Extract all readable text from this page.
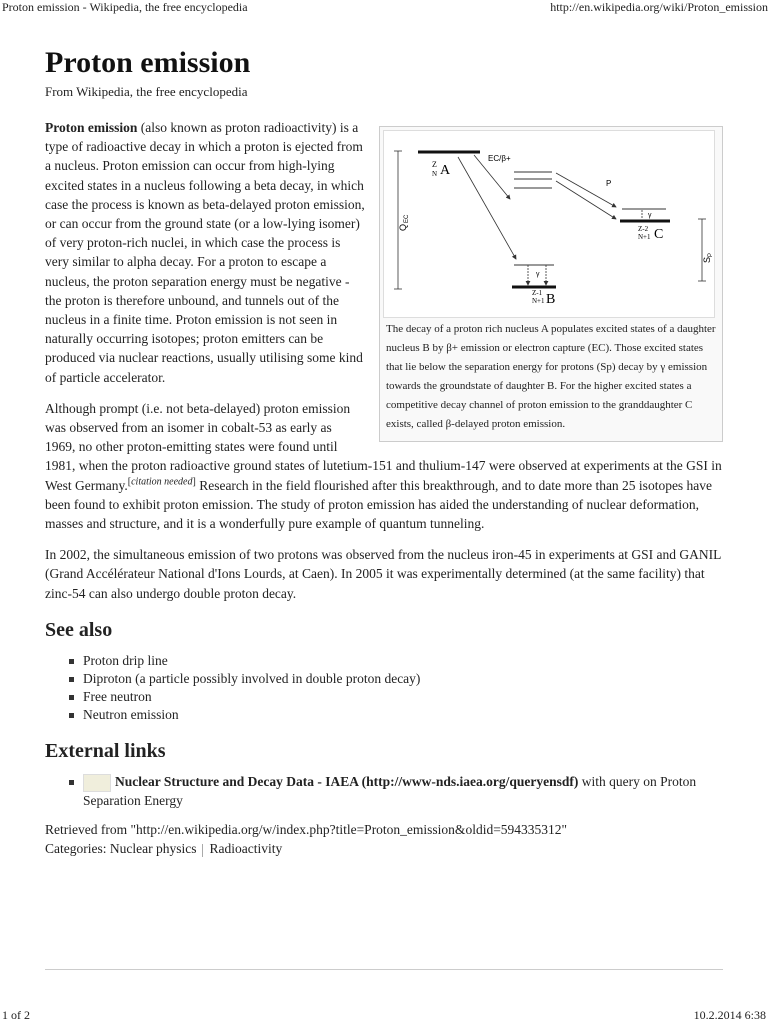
Proton emission - Wikipedia, the free encyclopedia	http://en.wikipedia.org/wiki/Proton_emission
Proton emission
From Wikipedia, the free encyclopedia
Z
N A
EC/β+
Z-1
N+1 B
γ
γ
Z-2
N+1 C
P
Q
EC
S
P
The decay of a proton rich nucleus A populates excited states of a daughter nucleus B by β+ emission or electron capture (EC). Those excited states that lie below the separation energy for protons (Sp) decay by γ emission towards the groundstate of daughter B. For the higher excited states a competitive decay channel of proton emission to the granddaughter C exists, called β-delayed proton emission.

Proton emission (also known as proton radioactivity) is a type of radioactive decay in which a proton is ejected from a nucleus. Proton emission can occur from high-lying excited states in a nucleus following a beta decay, in which case the process is known as beta-delayed proton emission, or can occur from the ground state (or a low-lying isomer) of very proton-rich nuclei, in which case the process is very similar to alpha decay. For a proton to escape a nucleus, the proton separation energy must be negative - the proton is therefore unbound, and tunnels out of the nucleus in a finite time. Proton emission is not seen in naturally occurring isotopes; proton emitters can be produced via nuclear reactions, usually utilising some kind of particle accelerator.

Although prompt (i.e. not beta-delayed) proton emission was observed from an isomer in cobalt-53 as early as 1969, no other proton-emitting states were found until 1981, when the proton radioactive ground states of lutetium-151 and thulium-147 were observed at experiments at the GSI in West Germany.[citation needed] Research in the field flourished after this breakthrough, and to date more than 25 isotopes have been found to exhibit proton emission. The study of proton emission has aided the understanding of nuclear deformation, masses and structure, and it is a wonderfully pure example of quantum tunneling.

In 2002, the simultaneous emission of two protons was observed from the nucleus iron-45 in experiments at GSI and GANIL (Grand Accélérateur National d'Ions Lourds, at Caen). In 2005 it was experimentally determined (at the same facility) that zinc-54 can also undergo double proton decay.

See also
Proton drip line
Diproton (a particle possibly involved in double proton decay)
Free neutron
Neutron emission
External links
Nuclear Structure and Decay Data - IAEA (http://www-nds.iaea.org/queryensdf) with query on Proton Separation Energy
Retrieved from "http://en.wikipedia.org/w/index.php?title=Proton_emission&oldid=594335312"
Categories: Nuclear physics Radioactivity
1 of 2	10.2.2014 6:38
